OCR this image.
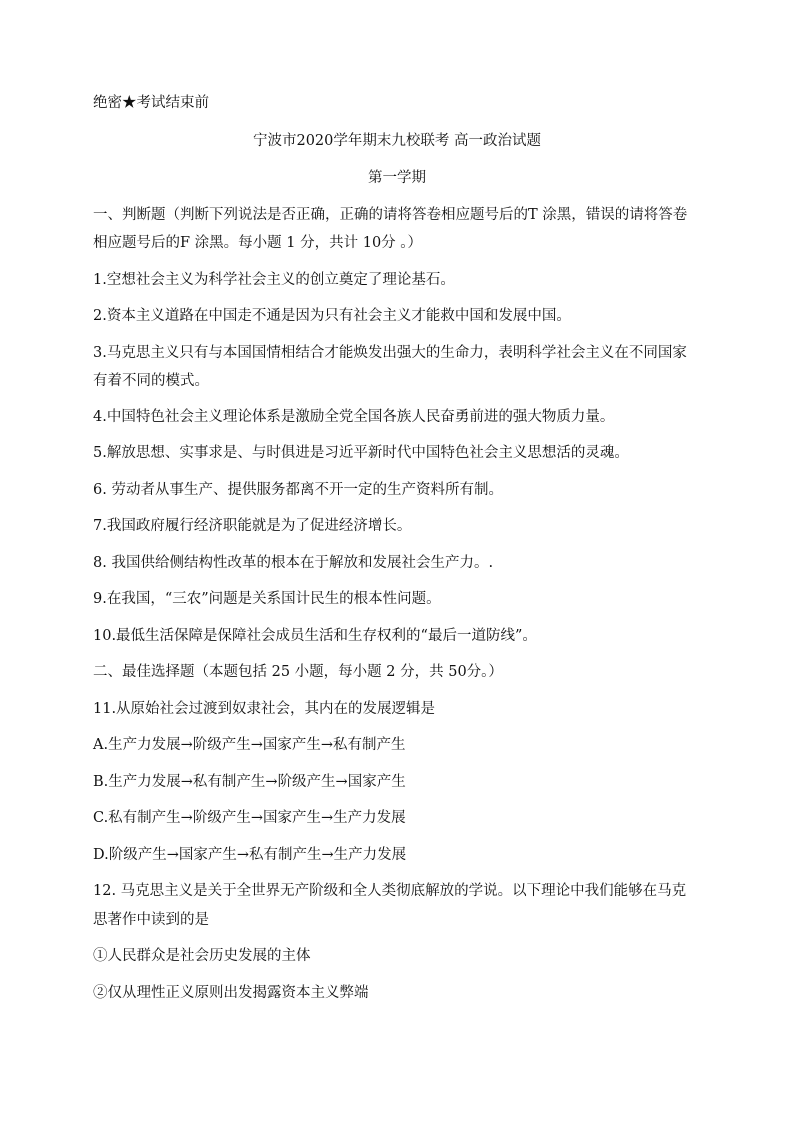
绝密★考试结束前
宁波市2020学年期末九校联考 高一政治试题
第一学期
一、判断题（判断下列说法是否正确，正确的请将答卷相应题号后的T 涂黑，错误的请将答卷
相应题号后的F 涂黑。每小题 1 分，共计 10分 。）
1.空想社会主义为科学社会主义的创立奠定了理论基石。
2.资本主义道路在中国走不通是因为只有社会主义才能救中国和发展中国。
3.马克思主义只有与本国国情相结合才能焕发出强大的生命力，表明科学社会主义在不同国家
有着不同的模式。
4.中国特色社会主义理论体系是激励全党全国各族人民奋勇前进的强大物质力量。
5.解放思想、实事求是、与时俱进是习近平新时代中国特色社会主义思想活的灵魂。
6. 劳动者从事生产、提供服务都离不开一定的生产资料所有制。
7.我国政府履行经济职能就是为了促进经济增长。
8. 我国供给侧结构性改革的根本在于解放和发展社会生产力。.
9.在我国，“三农”问题是关系国计民生的根本性问题。
10.最低生活保障是保障社会成员生活和生存权利的“最后一道防线”。
二、最佳选择题（本题包括 25 小题，每小题 2 分，共 50分。）
11.从原始社会过渡到奴隶社会，其内在的发展逻辑是
A.生产力发展→阶级产生→国家产生→私有制产生
B.生产力发展→私有制产生→阶级产生→国家产生
C.私有制产生→阶级产生→国家产生→生产力发展
D.阶级产生→国家产生→私有制产生→生产力发展
12. 马克思主义是关于全世界无产阶级和全人类彻底解放的学说。以下理论中我们能够在马克
思著作中读到的是
①人民群众是社会历史发展的主体
②仅从理性正义原则出发揭露资本主义弊端
